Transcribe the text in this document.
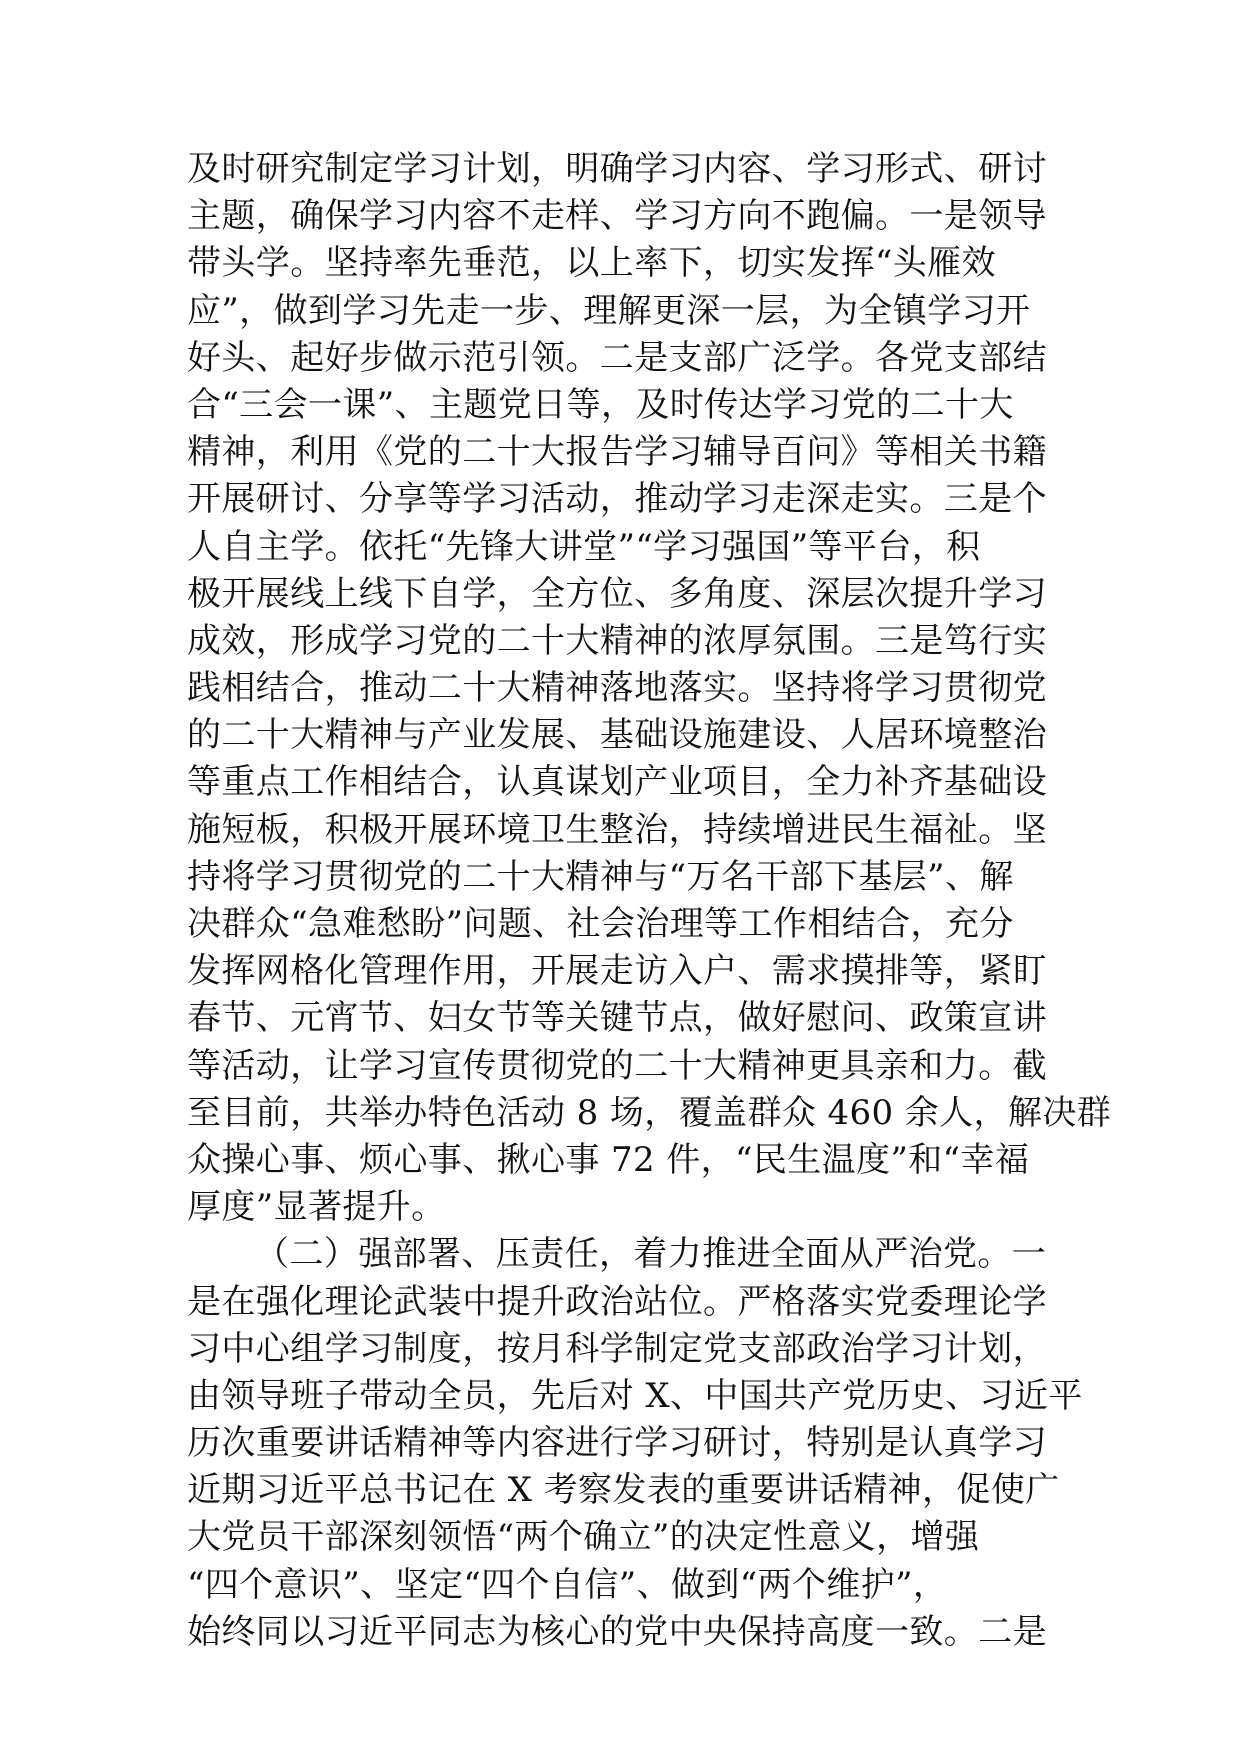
及时研究制定学习计划，明确学习内容、学习形式、研讨
主题，确保学习内容不走样、学习方向不跑偏。一是领导
带头学。坚持率先垂范，以上率下，切实发挥“头雁效
应”，做到学习先走一步、理解更深一层，为全镇学习开
好头、起好步做示范引领。二是支部广泛学。各党支部结
合“三会一课”、主题党日等，及时传达学习党的二十大
精神，利用《党的二十大报告学习辅导百问》等相关书籍
开展研讨、分享等学习活动，推动学习走深走实。三是个
人自主学。依托“先锋大讲堂”“学习强国”等平台，积
极开展线上线下自学，全方位、多角度、深层次提升学习
成效，形成学习党的二十大精神的浓厚氛围。三是笃行实
践相结合，推动二十大精神落地落实。坚持将学习贯彻党
的二十大精神与产业发展、基础设施建设、人居环境整治
等重点工作相结合，认真谋划产业项目，全力补齐基础设
施短板，积极开展环境卫生整治，持续增进民生福祉。坚
持将学习贯彻党的二十大精神与“万名干部下基层”、解
决群众“急难愁盼”问题、社会治理等工作相结合，充分
发挥网格化管理作用，开展走访入户、需求摸排等，紧盯
春节、元宵节、妇女节等关键节点，做好慰问、政策宣讲
等活动，让学习宣传贯彻党的二十大精神更具亲和力。截
至目前，共举办特色活动 8 场，覆盖群众 460 余人，解决群
众操心事、烦心事、揪心事 72 件，“民生温度”和“幸福
厚度”显著提升。
（二）强部署、压责任，着力推进全面从严治党。一
是在强化理论武装中提升政治站位。严格落实党委理论学
习中心组学习制度，按月科学制定党支部政治学习计划，
由领导班子带动全员，先后对 X、中国共产党历史、习近平
历次重要讲话精神等内容进行学习研讨，特别是认真学习
近期习近平总书记在 X 考察发表的重要讲话精神，促使广
大党员干部深刻领悟“两个确立”的决定性意义，增强
“四个意识”、坚定“四个自信”、做到“两个维护”，
始终同以习近平同志为核心的党中央保持高度一致。二是
